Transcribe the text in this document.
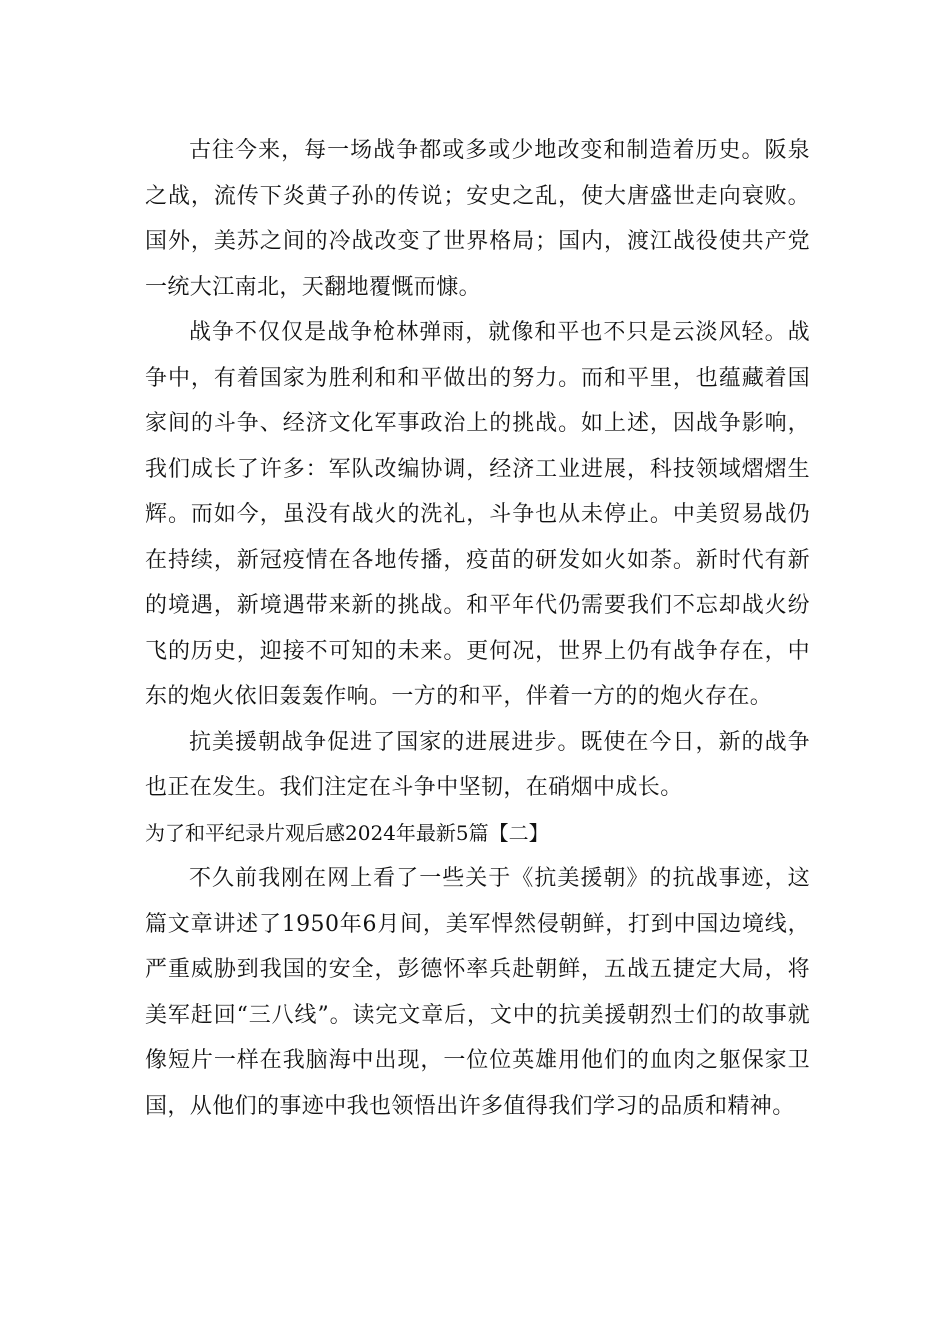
古往今来，每一场战争都或多或少地改变和制造着历史。阪泉之战，流传下炎黄子孙的传说；安史之乱，使大唐盛世走向衰败。国外，美苏之间的冷战改变了世界格局；国内，渡江战役使共产党一统大江南北，天翻地覆慨而慷。

战争不仅仅是战争枪林弹雨，就像和平也不只是云淡风轻。战争中，有着国家为胜利和和平做出的努力。而和平里，也蕴藏着国家间的斗争、经济文化军事政治上的挑战。如上述，因战争影响，我们成长了许多：军队改编协调，经济工业进展，科技领域熠熠生辉。而如今，虽没有战火的洗礼，斗争也从未停止。中美贸易战仍在持续，新冠疫情在各地传播，疫苗的研发如火如荼。新时代有新的境遇，新境遇带来新的挑战。和平年代仍需要我们不忘却战火纷飞的历史，迎接不可知的未来。更何况，世界上仍有战争存在，中东的炮火依旧轰轰作响。一方的和平，伴着一方的的炮火存在。

抗美援朝战争促进了国家的进展进步。既使在今日，新的战争也正在发生。我们注定在斗争中坚韧，在硝烟中成长。

为了和平纪录片观后感2024年最新5篇【二】

不久前我刚在网上看了一些关于《抗美援朝》的抗战事迹，这篇文章讲述了1950年6月间，美军悍然侵朝鲜，打到中国边境线，严重威胁到我国的安全，彭德怀率兵赴朝鲜，五战五捷定大局，将美军赶回“三八线”。读完文章后，文中的抗美援朝烈士们的故事就像短片一样在我脑海中出现，一位位英雄用他们的血肉之躯保家卫国，从他们的事迹中我也领悟出许多值得我们学习的品质和精神。
